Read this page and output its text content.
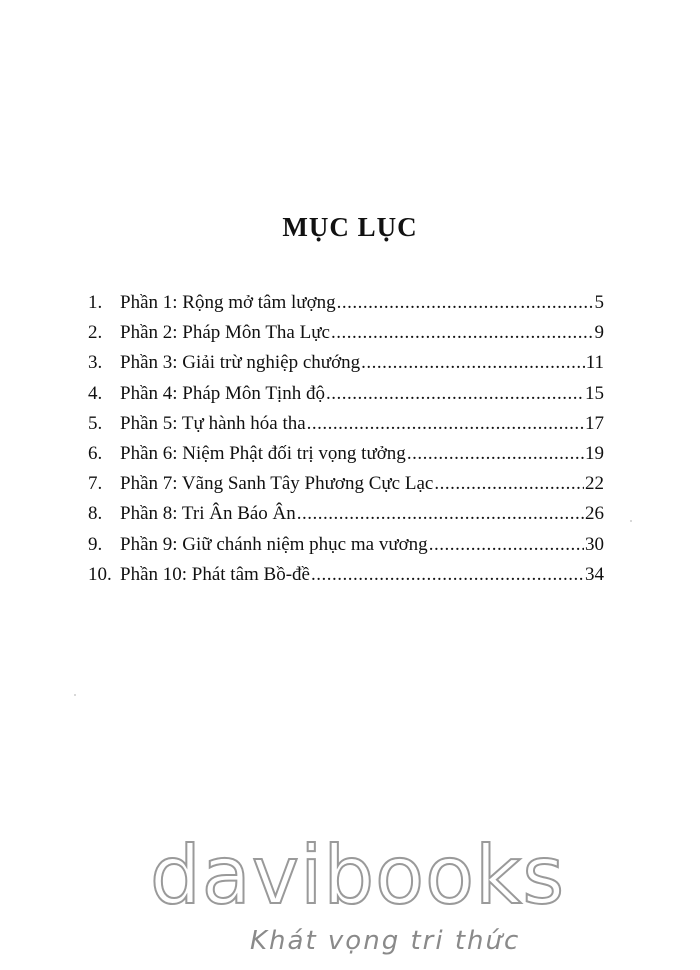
MỤC LỤC
1. Phần 1: Rộng mở tâm lượng .....	5
2. Phần 2: Pháp Môn Tha Lực .....	9
3. Phần 3: Giải trừ nghiệp chướng .....	11
4. Phần 4: Pháp Môn Tịnh độ .....	15
5. Phần 5: Tự hành hóa tha .....	17
6. Phần 6: Niệm Phật đối trị vọng tưởng .....	19
7. Phần 7: Vãng Sanh Tây Phương Cực Lạc .....	22
8. Phần 8: Tri Ân Báo Ân .....	26
9. Phần 9: Giữ chánh niệm phục ma vương .....	30
10. Phần 10: Phát tâm Bồ-đề .....	34
davibooks
Khát vọng tri thức
